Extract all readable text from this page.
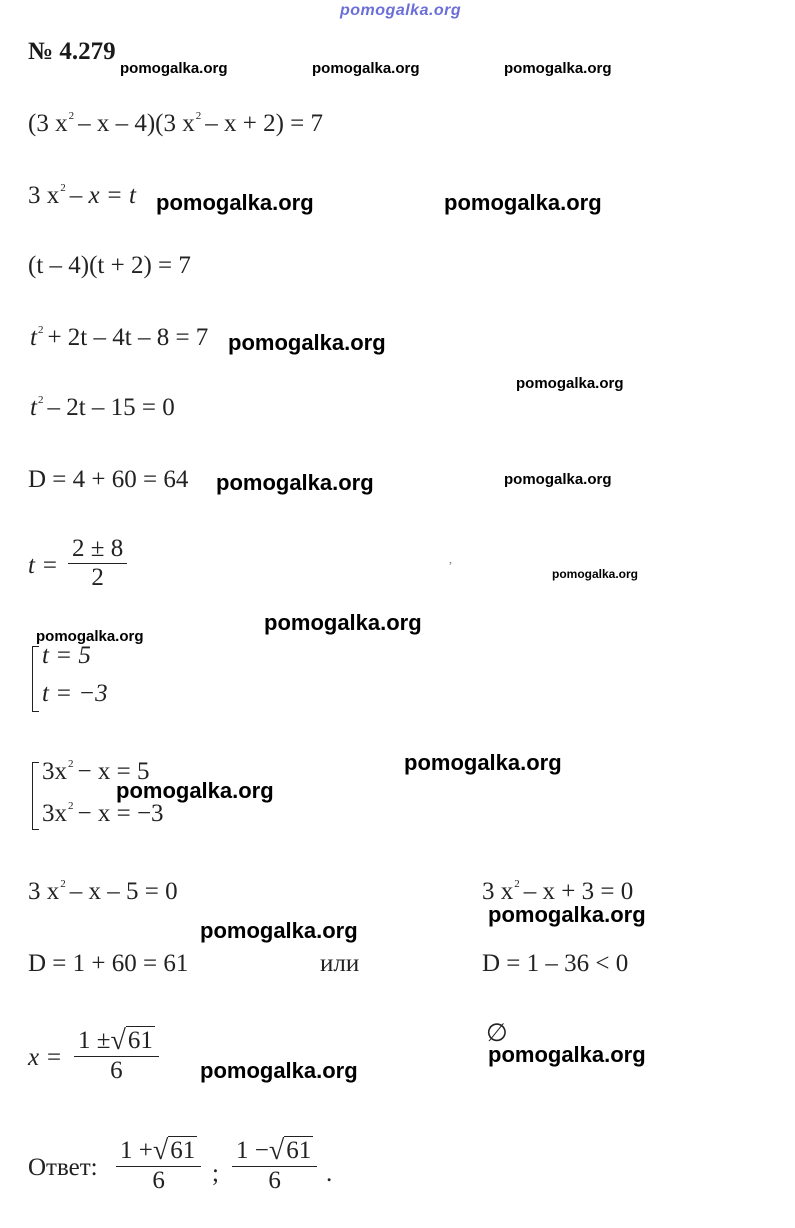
pomogalka.org
№ 4.279
pomogalka.org	pomogalka.org	pomogalka.org
(3 $x^2$ – x – 4)(3 $x^2 - x + 2) = 7$
3 $x^2 - x = t$ pomogalka.org	pomogalka.org
(t – 4)(t + 2) = 7
$t^2 + 2t - 4t - 8 = 7$ pomogalka.org
pomogalka.org
$t^2 - 2t - 15 = 0$
D = 4 + 60 = 64 pomogalka.org	pomogalka.org
t =
2 ± 8
2
,
pomogalka.org
pomogalka.org
pomogalka.org
t = 5
t = −3
$3x^2 - x = 5$
$3x^2 - x = -3$
pomogalka.org
pomogalka.org
3 $x^2 - x - 5 = 0$	3 $x^2 - x + 3 = 0$
pomogalka.org
pomogalka.org
D = 1 + 60 = 61	или	D = 1 – 36 < 0
x =
1 ±√61
6
∅
pomogalka.org
pomogalka.org
Ответ:
1 +√61
6	;
1 −√61
6	.
